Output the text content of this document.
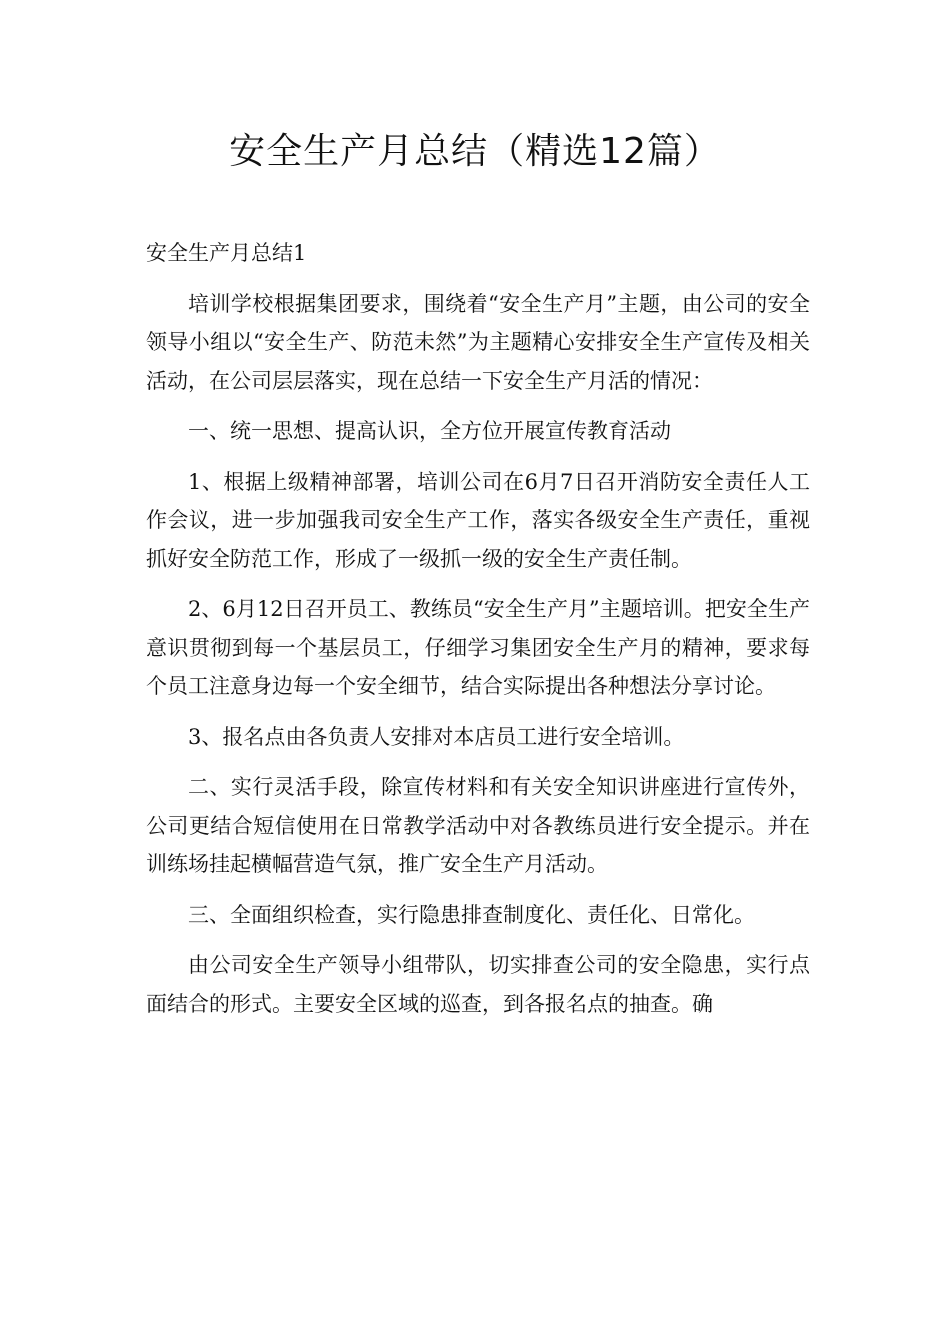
安全生产月总结（精选12篇）

安全生产月总结1

培训学校根据集团要求，围绕着“安全生产月”主题，由公司的安全领导小组以“安全生产、防范未然”为主题精心安排安全生产宣传及相关活动，在公司层层落实，现在总结一下安全生产月活的情况：

一、统一思想、提高认识，全方位开展宣传教育活动

1、根据上级精神部署，培训公司在6月7日召开消防安全责任人工作会议，进一步加强我司安全生产工作，落实各级安全生产责任，重视抓好安全防范工作，形成了一级抓一级的安全生产责任制。

2、6月12日召开员工、教练员“安全生产月”主题培训。把安全生产意识贯彻到每一个基层员工，仔细学习集团安全生产月的精神，要求每个员工注意身边每一个安全细节，结合实际提出各种想法分享讨论。

3、报名点由各负责人安排对本店员工进行安全培训。

二、实行灵活手段，除宣传材料和有关安全知识讲座进行宣传外，公司更结合短信使用在日常教学活动中对各教练员进行安全提示。并在训练场挂起横幅营造气氛，推广安全生产月活动。

三、全面组织检查，实行隐患排查制度化、责任化、日常化。

由公司安全生产领导小组带队，切实排查公司的安全隐患，实行点面结合的形式。主要安全区域的巡查，到各报名点的抽查。确
